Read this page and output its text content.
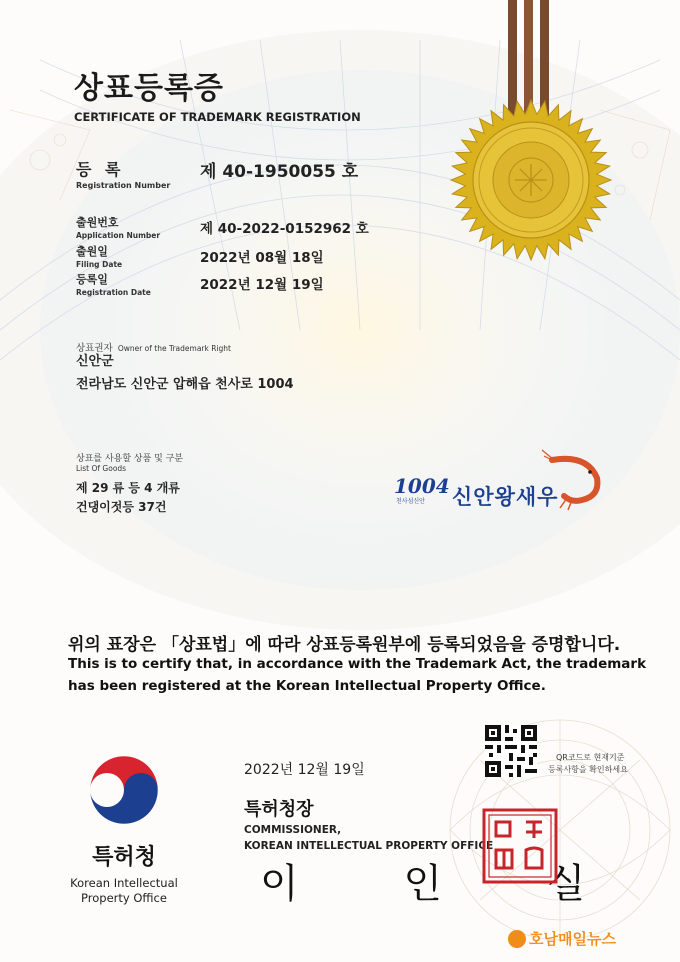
상표등록증
CERTIFICATE OF TRADEMARK REGISTRATION
등 록
Registration Number
제 40-1950055 호
출원번호
Application Number	제 40-2022-0152962 호
출원일
Filing Date	2022년 08월 18일
등록일
Registration Date	2022년 12월 19일
상표권자 Owner of the Trademark Right
신안군
전라남도 신안군 압해읍 천사로 1004
상표를 사용할 상품 및 구분
List Of Goods
제 29 류 등 4 개류
건댕이젓등 37건
1004
천사섬신안 신안왕새우
위의 표장은 「상표법」에 따라 상표등록원부에 등록되었음을 증명합니다.
This is to certify that, in accordance with the Trademark Act, the trademark
has been registered at the Korean Intellectual Property Office.
QR코드로 현재기준
등록사항을 확인하세요
2022년 12월 19일
특허청장
COMMISSIONER,
KOREAN INTELLECTUAL PROPERTY OFFICE
이 인 실
특허청
Korean Intellectual
Property Office
호남매일뉴스
